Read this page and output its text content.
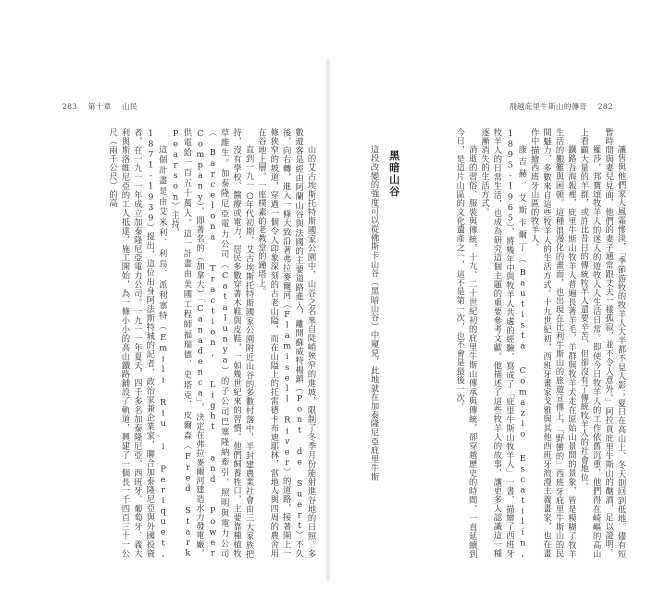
283 第十章 山民	飛越庇里牛斯山的傳奇 282

讓售與他們家人風霜慘淡，「季節游牧的牧羊人大半都不見人影；夏日在高山上、冬天則回到低地。儘有短暫時間與妻兒見面，他們的妻子通常跟丈夫一樣孤寂，並不令人意外。」阿拉貢庇里牛斯山的酗酒，足以證明。

羅莎，邦寶頌牧羊人的迷人的遊牧人人生活日常。即使今日牧羊人的工作依舊沉重，他們得在崎嶇的高山上看顧大量的羊群，或許比昔日的傳統牧羊人還要辛苦，但卻沒有了傳統牧羊人的社會地位。

鐵路吾海報裡，庇里牛斯山牧羊人普遍長著羊毛，羊群與牧羊犬走在原始山景間的景象，皆是模糊了牧羊生活的艱難與困頓。這種浪漫化的畫面，也出現在比利牛斯山的旅遊宣傳上，「野蠻的」西班牙庇里牛斯山的民間魅力，多數來自這些牧羊人的生活方式。十九世紀初，西班牙畫家戈雅與其他西班牙浪漫主義畫家，也在畫作中描繪西班牙山區的牧羊人。

康吉赫．艾斯卡爾丁（Bautista Comazio Escatilín, 1895-1965），將幾年中與牧羊人共處的經驗，寫成了「庇里牛斯山牧羊人」一書，描繪了西班牙牧羊人的日常生活，也成為研究這個主題的重要參考文獻。他描述了這些牧羊人的故事，讓更多人認識這一種逐漸消失的生活方式。

消逝的習俗、服裝與傳統，十九、二十世紀初的庇里牛斯山傳承與傳統，卻穿越歷史的時間，一直延續到今日，是這片山區的文化遺產之一，這不是第一次，也不會是最後一次。

黑暗山谷

這段改變的強度可以從佛斯卡山谷（黑暗山谷）中窺見，此地就在加泰隆尼亞庇里牛斯

山的艾古埃斯托特斯國家公園中，山谷之名來自陡峭狹窄的進坡，限制了冬季月份能射進谷地的日照。多數遊客是經由阿蘭山谷與法國的主要道路進入，離開蘇威特楊鎮（Pont de Suert）不久後，向右轉，進入一條大致沿著弗拉麥爾河（Flamisell River）的道路，接著開上一條狹窄的坡道，穿過一個令人印象深刻的古老山隘，而在山隘上的托雷德卡布迪耶林，當地人與四周的農舍用在谷地上層，一座樸素的老教堂的鐘塔上。

直到一九一○年代初期，艾古埃斯托特斯國家公園附近山谷的多數村落中，半封建農業社會由三大家族把持，沒有學校、醫療或電力，居民多數穿著木鞋與皮鞋，一如幾世紀來的習慣。他們飼養牲口，主要靠種植牧草維生。加泰隆尼亞電力公司（Catalunya）的子公司巴塞隆納牽引、照明與電力公司（Barcelona Traction, Light and Power Company），即著名的（加拿大）「Canadenca」，決定在弗拉麥爾河建造水力發電廠，供電給一百五十萬人。這一計畫由美國工程師福瑞德．史塔克．皮爾森（Fred Stark Pearson）主持，

這個計畫是由艾米利．利烏．派利塞特（Emili Riu i Periquet, 1871-1939）提出，這位出身阿法斯特城的記者、政治家兼企業家，聯合加泰隆尼亞與外國投資者，在一九一一年成立加泰隆尼亞電力公司。一九一一年夏天，四千多名加泰隆尼亞、西班牙、葡萄牙、義大利與斯洛維尼亞的工人抵達，施工開始，為一條小小的高山鐵路鋪設了軌道，興建了一個長一千四百三十一公尺（兩千公尺）的高
